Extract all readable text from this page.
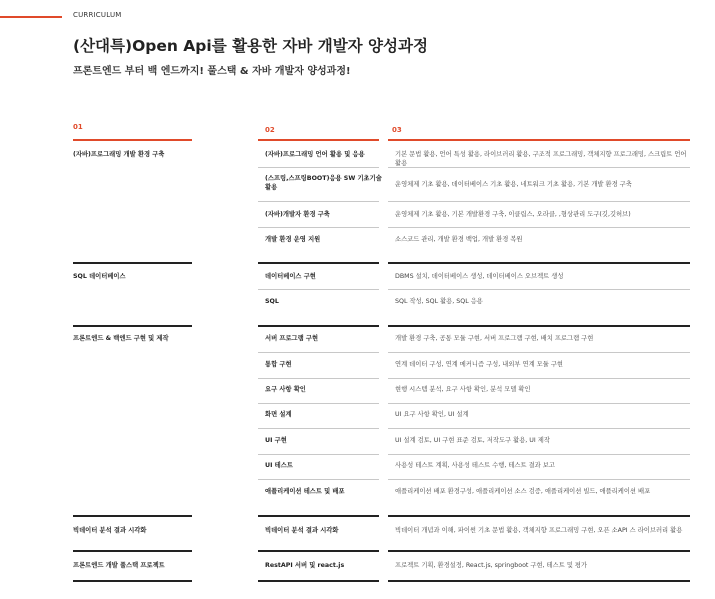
CURRICULUM
(산대특)Open Api를 활용한 자바 개발자 양성과정
프론트엔드 부터 백 엔드까지! 풀스택 & 자바 개발자 양성과정!
01	02	03
(자바)프로그래밍 개발 환경 구축
SQL 데이터베이스
프론트엔드 & 백엔드 구현 및 제작
빅데이터 분석 결과 시각화
프론트엔드 개발 풀스택 프로젝트
(자바)프로그래밍 언어 활용 및 응용
(스프링,스프링BOOT)응용 SW 기초기술 활용
(자바)개발자 환경 구축
개발 환경 운영 지원
데이터베이스 구현
SQL
서버 프로그램 구현
통합 구현
요구 사항 확인
화면 설계
UI 구현
UI 테스트
애플리케이션 테스트 및 배포
빅데이터 분석 결과 시각화
RestAPI 서버 및 react.js
기본 문법 활용, 언어 특성 활용, 라이브러리 활용, 구조적 프로그래밍, 객체지향 프로그래밍, 스크립트 언어 활용
운영체제 기초 활용, 데이터베이스 기초 활용, 네트워크 기초 활용, 기본 개발 환경 구축
운영체제 기초 활용, 기본 개발환경 구축, 이클립스, 오라클, ,형상관리 도구(깃,깃허브)
소스코드 관리, 개발 환경 백업, 개발 환경 복원
DBMS 설치, 데이터베이스 생성, 데이터베이스 오브젝트 생성
SQL 작성, SQL 활용, SQL 응용
개발 환경 구축, 공통 모듈 구현, 서버 프로그램 구현, 배치 프로그램 구현
연계 데이터 구성, 연계 메커니즘 구성, 내외부 연계 모듈 구현
현행 시스템 분석, 요구 사항 확인, 분석 모델 확인
UI 요구 사항 확인, UI 설계
UI 설계 검토, UI 구현 표준 검토, 저작도구 활용, UI 제작
사용성 테스트 계획, 사용성 테스트 수행, 테스트 결과 보고
애플리케이션 배포 환경구성, 애플리케이션 소스 검증, 애플리케이션 빌드, 애플리케이션 배포
빅데이터 개념과 이해, 파이썬 기초 문법 활용, 객체지향 프로그래밍 구현, 오픈 소API 스 라이브러리 활용
프로젝트 기획, 환경설정, React.js, springboot 구현, 테스트 및 평가
